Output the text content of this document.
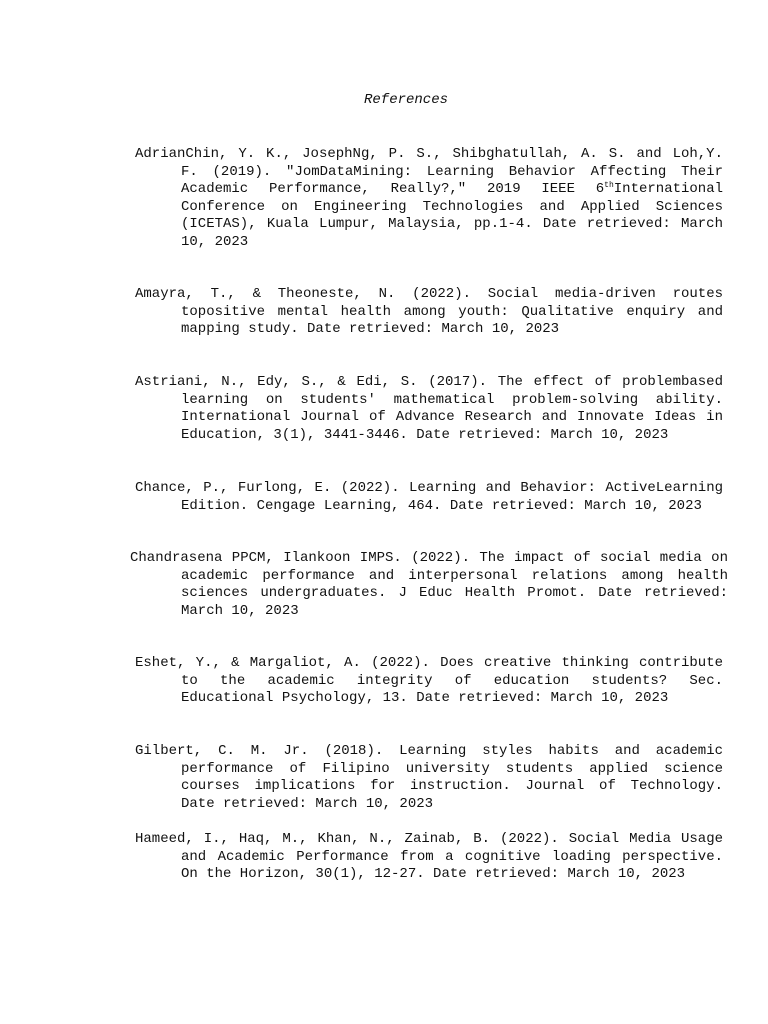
References

AdrianChin, Y. K., JosephNg, P. S., Shibghatullah, A. S. and Loh,Y. F. (2019). "JomDataMining: Learning Behavior Affecting Their Academic Performance, Really?," 2019 IEEE 6thInternational Conference on Engineering Technologies and Applied Sciences (ICETAS), Kuala Lumpur, Malaysia, pp.1-4. Date retrieved: March 10, 2023

Amayra, T., & Theoneste, N. (2022). Social media-driven routes topositive mental health among youth: Qualitative enquiry and mapping study. Date retrieved: March 10, 2023

Astriani, N., Edy, S., & Edi, S. (2017). The effect of problembased learning on students' mathematical problem-solving ability. International Journal of Advance Research and Innovate Ideas in Education, 3(1), 3441-3446. Date retrieved: March 10, 2023

Chance, P., Furlong, E. (2022). Learning and Behavior: ActiveLearning Edition. Cengage Learning, 464. Date retrieved: March 10, 2023

Chandrasena PPCM, Ilankoon IMPS. (2022). The impact of social media on academic performance and interpersonal relations among health sciences undergraduates. J Educ Health Promot. Date retrieved: March 10, 2023

Eshet, Y., & Margaliot, A. (2022). Does creative thinking contribute to the academic integrity of education students? Sec. Educational Psychology, 13. Date retrieved: March 10, 2023

Gilbert, C. M. Jr. (2018). Learning styles habits and academic performance of Filipino university students applied science courses implications for instruction. Journal of Technology. Date retrieved: March 10, 2023

Hameed, I., Haq, M., Khan, N., Zainab, B. (2022). Social Media Usage and Academic Performance from a cognitive loading perspective. On the Horizon, 30(1), 12-27. Date retrieved: March 10, 2023
